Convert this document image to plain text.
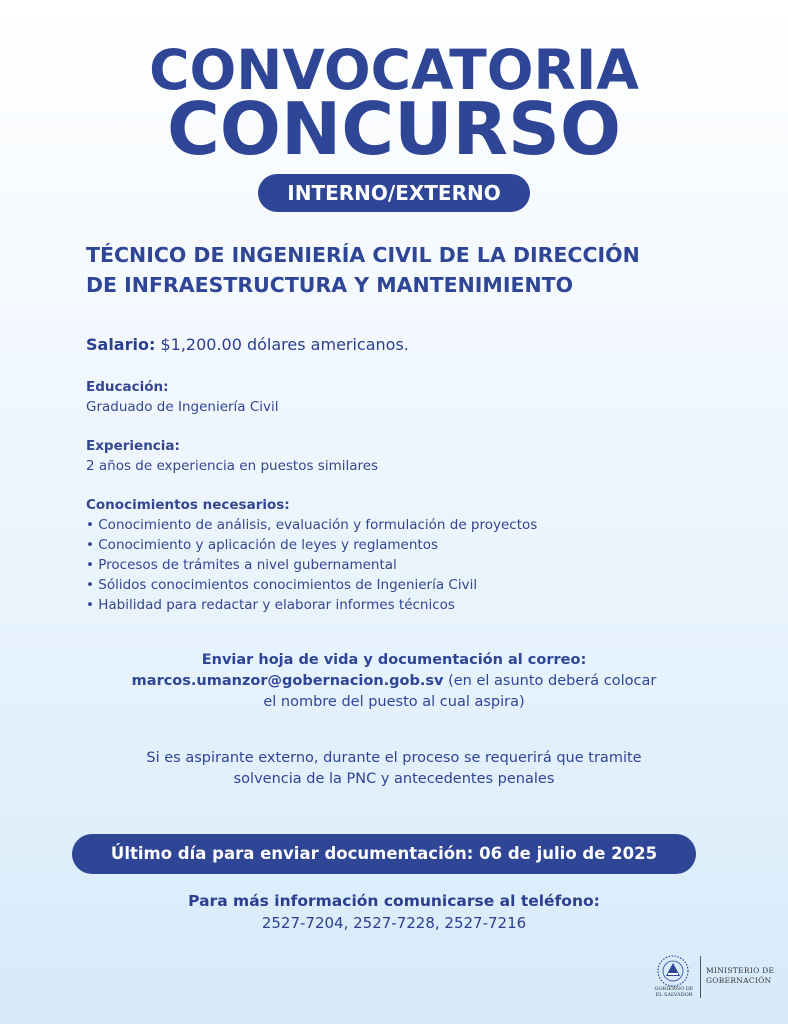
CONVOCATORIA
CONCURSO
INTERNO/EXTERNO
TÉCNICO DE INGENIERÍA CIVIL DE LA DIRECCIÓN
DE INFRAESTRUCTURA Y MANTENIMIENTO
Salario: $1,200.00 dólares americanos.
Educación:
Graduado de Ingeniería Civil
Experiencia:
2 años de experiencia en puestos similares
Conocimientos necesarios:
• Conocimiento de análisis, evaluación y formulación de proyectos
• Conocimiento y aplicación de leyes y reglamentos
• Procesos de trámites a nivel gubernamental
• Sólidos conocimientos conocimientos de Ingeniería Civil
• Habilidad para redactar y elaborar informes técnicos
Enviar hoja de vida y documentación al correo:
marcos.umanzor@gobernacion.gob.sv (en el asunto deberá colocar
el nombre del puesto al cual aspira)
Si es aspirante externo, durante el proceso se requerirá que tramite
solvencia de la PNC y antecedentes penales
Último día para enviar documentación: 06 de julio de 2025
Para más información comunicarse al teléfono:
2527-7204, 2527-7228, 2527-7216
GOBIERNO DE
EL SALVADOR
MINISTERIO DE
GOBERNACIÓN
